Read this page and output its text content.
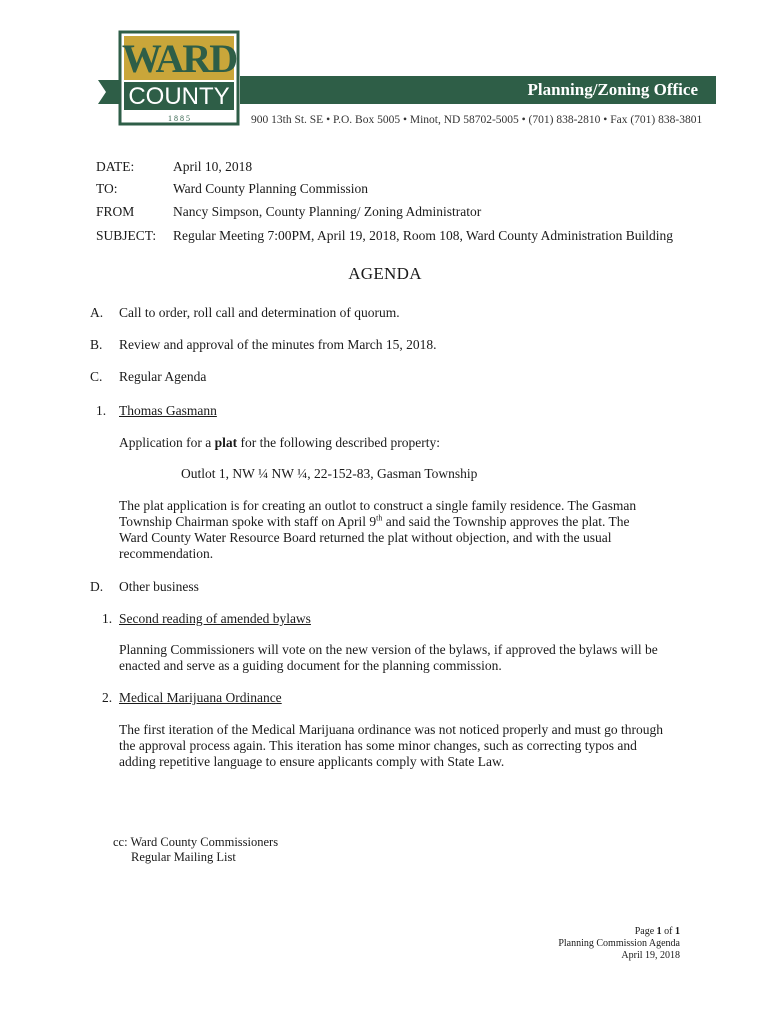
Planning/Zoning Office
WARD
COUNTY
1 8 8 5	900 13th St. SE • P.O. Box 5005 • Minot, ND 58702-5005 • (701) 838-2810 • Fax (701) 838-3801
DATE:	April 10, 2018
TO:	Ward County Planning Commission
FROM	Nancy Simpson, County Planning/ Zoning Administrator
SUBJECT: Regular Meeting 7:00PM, April 19, 2018, Room 108, Ward County Administration Building
AGENDA
A. Call to order, roll call and determination of quorum.
B. Review and approval of the minutes from March 15, 2018.
C. Regular Agenda
1. Thomas Gasmann
Application for a plat for the following described property:
Outlot 1, NW ¼ NW ¼, 22-152-83, Gasman Township
The plat application is for creating an outlot to construct a single family residence. The Gasman
Township Chairman spoke with staff on April 9th and said the Township approves the plat. The
Ward County Water Resource Board returned the plat without objection, and with the usual
recommendation.
D. Other business
1. Second reading of amended bylaws
Planning Commissioners will vote on the new version of the bylaws, if approved the bylaws will be
enacted and serve as a guiding document for the planning commission.
2. Medical Marijuana Ordinance
The first iteration of the Medical Marijuana ordinance was not noticed properly and must go through
the approval process again. This iteration has some minor changes, such as correcting typos and
adding repetitive language to ensure applicants comply with State Law.
cc: Ward County Commissioners
Regular Mailing List
Page 1 of 1
Planning Commission Agenda
April 19, 2018
